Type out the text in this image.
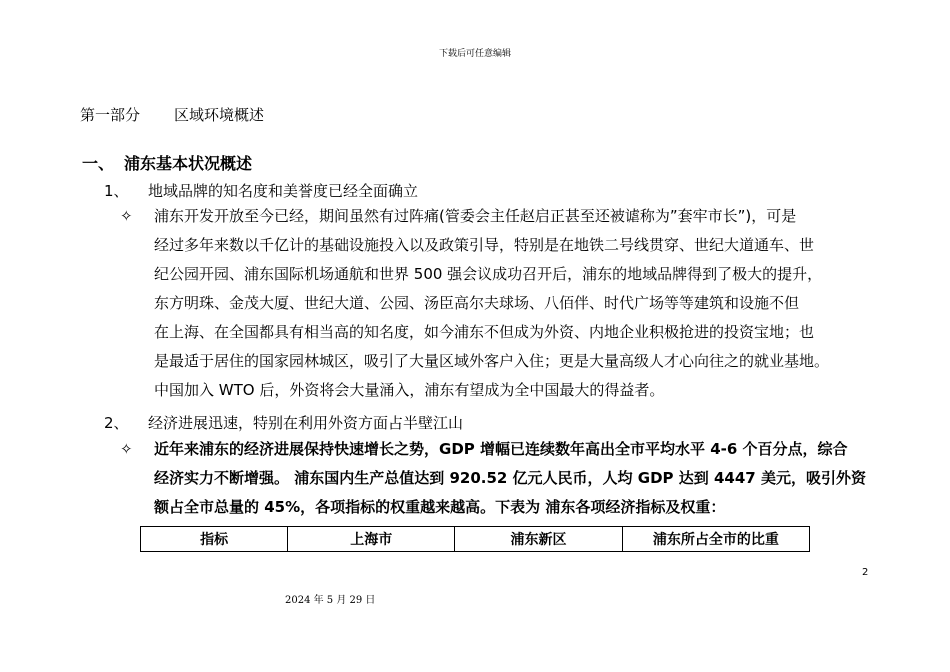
下载后可任意编辑
第一部分 区域环境概述
一、 浦东基本状况概述
1、 地域品牌的知名度和美誉度已经全面确立
✧ 浦东开发开放至今已经，期间虽然有过阵痛(管委会主任赵启正甚至还被谑称为”套牢市长”)，可是
经过多年来数以千亿计的基础设施投入以及政策引导，特别是在地铁二号线贯穿、世纪大道通车、世
纪公园开园、浦东国际机场通航和世界 500 强会议成功召开后，浦东的地域品牌得到了极大的提升，
东方明珠、金茂大厦、世纪大道、公园、汤臣高尔夫球场、八佰伴、时代广场等等建筑和设施不但
在上海、在全国都具有相当高的知名度，如今浦东不但成为外资、内地企业积极抢进的投资宝地；也
是最适于居住的国家园林城区，吸引了大量区域外客户入住；更是大量高级人才心向往之的就业基地。
中国加入 WTO 后，外资将会大量涌入，浦东有望成为全中国最大的得益者。
2、 经济进展迅速，特别在利用外资方面占半壁江山
✧ 近年来浦东的经济进展保持快速增长之势，GDP 增幅已连续数年高出全市平均水平 4-6 个百分点，综合
经济实力不断增强。 浦东国内生产总值达到 920.52 亿元人民币，人均 GDP 达到 4447 美元，吸引外资
额占全市总量的 45%，各项指标的权重越来越高。下表为 浦东各项经济指标及权重：
指标	上海市	浦东新区	浦东所占全市的比重
2
2024 年 5 月 29 日
